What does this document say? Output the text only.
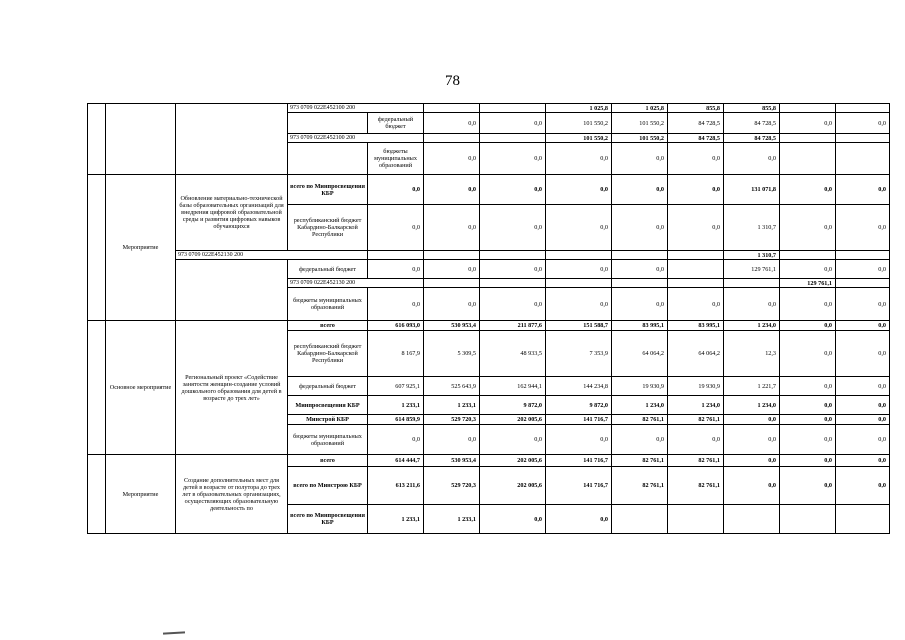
78
			973 0709 022E452100 200				1 025,8	1 025,8	855,8	855,8			
				федеральный бюджет	0,0	0,0	101 550,2	101 550,2	84 728,5	84 728,5	0,0	0,0	
			973 0709 022E452100 200				101 550,2	101 550,2	84 728,5	84 728,5			
				бюджеты муниципальных образований	0,0	0,0	0,0	0,0	0,0	0,0			
	Мероприятие	Обновление материально-технической базы образовательных организаций для внедрения цифровой образовательной среды и развития цифровых навыков обучающихся	всего по Минпросвещения КБР	0,0	0,0	0,0	0,0	0,0	0,0	131 071,8	0,0	0,0	
			республиканский бюджет Кабардино-Балкарской Республики	0,0	0,0	0,0	0,0	0,0	0,0	1 310,7	0,0	0,0	
		973 0709 022E452130 200								1 310,7			
			федеральный бюджет	0,0	0,0	0,0	0,0	0,0		129 761,1	0,0	0,0	
			973 0709 022E452130 200								129 761,1		
			бюджеты муниципальных образований	0,0	0,0	0,0	0,0	0,0	0,0	0,0	0,0	0,0	
	Основное мероприятие	Региональный проект «Содействие занятости женщин-создание условий дошкольного образования для детей в возрасте до трех лет»	всего	616 093,0	530 953,4	211 877,6	151 588,7	83 995,1	83 995,1	1 234,0	0,0	0,0	
			республиканский бюджет Кабардино-Балкарской Республики	8 167,9	5 309,5	48 933,5	7 353,9	64 064,2	64 064,2	12,3	0,0	0,0	
			федеральный бюджет	607 925,1	525 643,9	162 944,1	144 234,8	19 930,9	19 930,9	1 221,7	0,0	0,0	
			Минпросвещения КБР	1 233,1	1 233,1	9 872,0	9 872,0	1 234,0	1 234,0	1 234,0	0,0	0,0	
			Минстрой КБР	614 859,9	529 720,3	202 005,6	141 716,7	82 761,1	82 761,1	0,0	0,0	0,0	
			бюджеты муниципальных образований	0,0	0,0	0,0	0,0	0,0	0,0	0,0	0,0	0,0	
	Мероприятие	Создание дополнительных мест для детей в возрасте от полутора до трех лет в образовательных организациях, осуществляющих образовательную деятельность по	всего	614 444,7	530 953,4	202 005,6	141 716,7	82 761,1	82 761,1	0,0	0,0	0,0	
			всего по Минстрою КБР	613 211,6	529 720,3	202 005,6	141 716,7	82 761,1	82 761,1	0,0	0,0	0,0	
			всего по Минпросвещения КБР	1 233,1	1 233,1	0,0	0,0						
